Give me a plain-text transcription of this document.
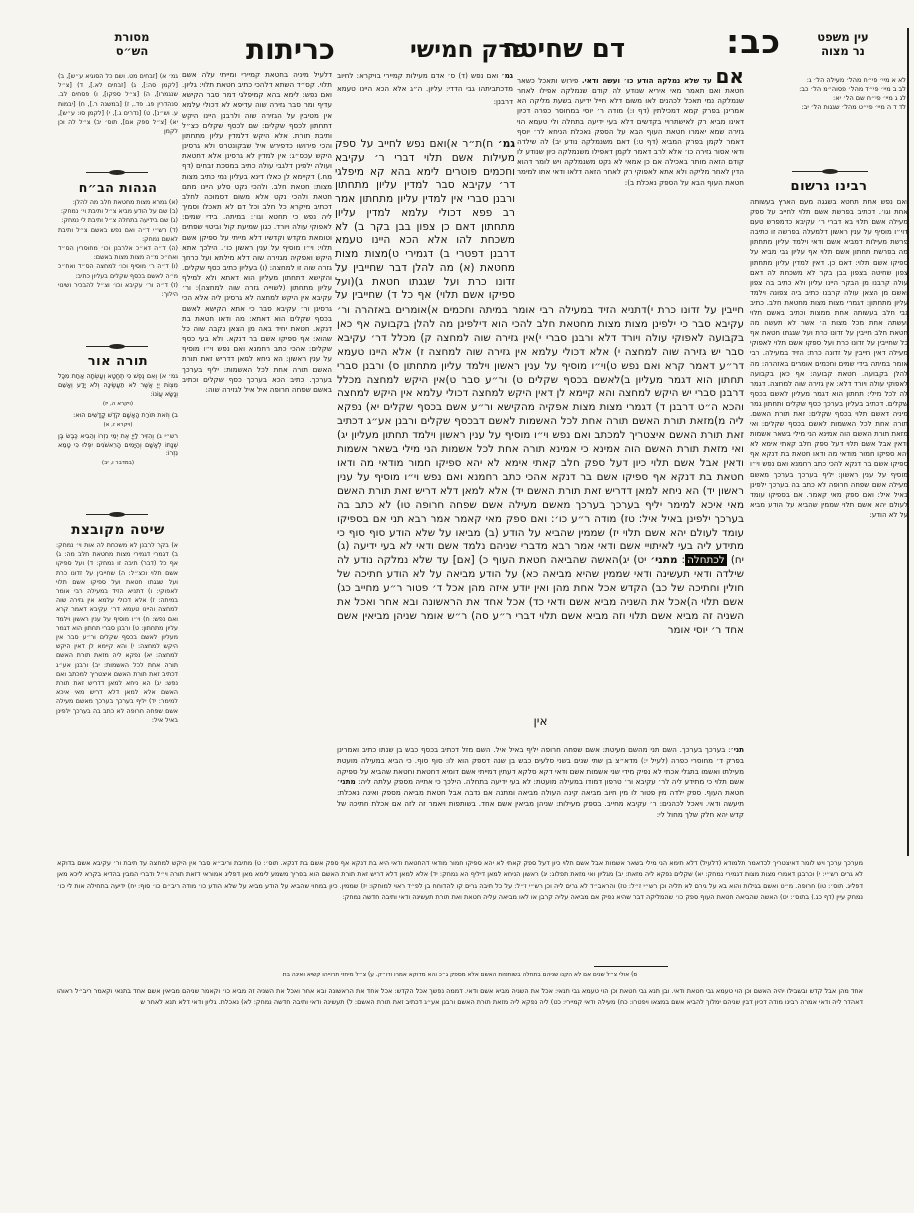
כב:
דם שחיטה
פרק חמישי
כריתות	עין משפט
נר מצוה
מסורת
הש״ס
לא א מיי׳ פי״ח מהל׳ מעילה הל׳ ג:
לב ב מיי׳ פי״ד מהל׳ פסוה״מ הל׳ כב:
לג ג מיי׳ פי״ח שם הל׳ יא:
לד ד ה מיי׳ פי״ט מהל׳ שגגות הל׳ יב:
רבינו גרשום
ואם נפש אחת תחטא בשגגה מעם הארץ בעשותה אחת וגו׳. דכתיב בפרשת אשם תלוי לחייב על ספק מעילה אשם תלוי בא דברי ר׳ עקיבא כדמפרש טעם דוי״ו מוסיף על ענין ראשון דלמעלה בפרשה זו כתיבה פרשת מעילות דמביא אשם ודאי וילמד עליון מתחתון מה בפרשת תחתון אשם תלוי אף עליון גבי מביא על ספיקו אשם תלוי: דאם כן. דאין למדין עליון מתחתון צפון שחיטה בצפון בבן בקר לא משכחת לה דאם עולה קרבנו מן הבקר היינו עליון ולא כתיב בה צפון ואשם מן הצאן עולה קרבנו כתיב ביה צפונה וילמד עליון מתחתון: דגמרי מצות מצות מחטאת חלב. כתיב גבי חלב בעשותה אחת ממצות וכתיב באשם תלוי ועשתה אחת מכל מצות ה׳ אשר לא תעשה מה חטאת חלב חייבין על זדונו כרת ועל שגגתו חטאת אף כל שחייבין על זדונו כרת ועל ספקו אשם תלוי לאפוקי מעילה דאין חייבין על זדונה כרת: הזיד במעילה. רבי אומר במיתה בידי שמים וחכמים אומרים באזהרה: מה להלן בקבועה. חטאת קבועה: אף כאן בקבועה לאפוקי עולה ויורד דלא: אין גזירה שוה למחצה. דגמר לה לכל מילי: תחתון הוא דגמר מעליון לאשם בכסף שקלים. דכתיב בעליון בערכך כסף שקלים ותחתון גמר מיניה דאשם תלוי בכסף שקלים: זאת תורת האשם. תורה אחת לכל האשמות לאשם בכסף שקלים: ואי מזאת תורת האשם הוה אמינא הני מילי בשאר אשמות ודאין אבל אשם תלוי דעל ספק חלב קאתי אימא לא יהא ספיקו חמור מודאי מה ודאו חטאת בת דנקא אף ספיקו אשם בר דנקא להכי כתב רחמנא ואם נפש וי״ו מוסיף על ענין ראשון: יליף בערכך בערכך מאשם מעילה אשם שפחה חרופה לא כתב בה בערכך ילפינן באיל איל: ואם ספק מאי קאמר. אם בספיקו עומד לעולם יהא אשם תלוי שממין שהביא על הודע מביא על לא הודע:
גמ׳ א) [זבחים מט. ושם כל הסוגיא ע״ש], ב) [לקמן סה:], ג) [זבחים לא.], ד) [צ״ל שנגמרו], ה) [צ״ל ספקו], ו) פסחים לב. סנהדרין פג. פד., ז) [במשנה ר.], ח) [יבמות ע. וש״נ], ט) [נדרים ג.], י) [לקמן סו: ע״ש], יא) [צ״ל ספק אם], תוס׳ יב) צ״ל לה וכן לקמן
הגהות הב״ח
(א) גמרא מצות מחטאת חלב מה להלן:
(ב) שם על הודע מביא צ״ל ותיבת וי׳ נמחק:
(ג) שם בידיעה בתחלה צ״ל ותיבת לי נמחק:
(ד) רש״י ד״ה ואם נפש באשם צ״ל ותיבת לאשם נמחק:
(ה) ד״ה דא״כ אלרבנן וכו׳ מחוסרין הס״ד ואח״כ מ״ה מצות מצות באשם:
(ו) ד״ה ר׳ מוסיף וכו׳ למחצה הס״ד ואח״כ מ״ה לאשם בכסף שקלים בעליון כתיב:
(ז) ד״ה ור׳ עקיבא וכו׳ וצ״ל להבכיר ושינוי הילוך:
תורה אור
גמ׳ א) וְאִם נֶפֶשׁ כִּי תֶחֱטָא וְעָשְׂתָה אַחַת מִכָּל מִצְוֹת יְיָ אֲשֶׁר לֹא תֵעָשֶׂינָה וְלֹא יָדַע וְאָשֵׁם וְנָשָׂא עֲוֹנוֹ:
(ויקרא ה, יז)
ב) וְזֹאת תּוֹרַת הָאָשָׁם קֹדֶשׁ קָדָשִׁים הוּא:
(ויקרא ז, א)
רש״י ג) וְהִזִּיר לַיְיָ אֶת יְמֵי נִזְרוֹ וְהֵבִיא כֶּבֶשׂ בֶּן שְׁנָתוֹ לְאָשָׁם וְהַיָּמִים הָרִאשֹׁנִים יִפְּלוּ כִּי טָמֵא נִזְרוֹ:
(במדבר ו, יב)
שיטה מקובצת
א) בקר לרבנן לא משכחת לה אות וי׳ נמחק: ב) דגמרי דגמירי מצות מחטאת חלב מה: ג) אף כל (דבר) תיבה זו נמחק: ד) ועל ספיקו אשם תלוי וכצ״ל: ה) שחייבין על זדונו כרת ועל שגגתו חטאת ועל ספיקו אשם תלוי לאפוקי: ו) דתניא הזיד במעילה רבי אומר במיתה: ז) אלא דכולי עלמא אין גזירה שוה למחצה והיינו טעמא דר׳ עקיבא דאמר קרא ואם נפש: ח) וי״ו מוסיף על ענין ראשון וילמד עליון מתחתון: ט) ורבנן סברי תחתון הוא דגמר מעליון לאשם בכסף שקלים ור״ע סבר אין היקש למחצה: י) והא קיימא לן דאין היקש למחצה: יא) נפקא ליה מזאת תורת האשם תורה אחת לכל האשמות: יב) ורבנן אע״ג דכתיב זאת תורת האשם איצטריך למכתב ואם נפש: יג) הא ניחא למאן דדריש זאת תורת האשם אלא למאן דלא דריש מאי איכא למימר: יד) יליף בערכך בערכך מאשם מעילה אשם שפחה חרופה לא כתב בה בערכך ילפינן באיל איל:
דלעיל מיניה בחטאת קמיירי ומייתי עלה אשם תלוי. קס״ד השתא דלהכי כתיב חטאת תלוי: גליון. ואם נפש: לימא בהא קמיפלגי דמר סבר הקישא עדיף ומר סבר גזירה שוה עדיפא לא דכולי עלמא אין מטיבין על הגזירה שוה ולרבנן היינו היקש דתחתון לכסף שקלים: שם לכסף שקלים כצ״ל ותיבת תורת. אלא היקש דלמדין עליון מתחתון והכי פירושו כדפירש איל שבקונטרס ולא גרסינן היקש עכס״ג: אין למדין לא גרסינן אלא דחטאת ועולה ילפינן דלגבי עולה כתיב במסכת זבחים (דף מח.) דקיימא לן כאלו דינא בעליון נמי כתיב מצות מצות: חטאת חלב. ולהכי נקט סלע היינו מתם חטאת ולהכי נקט אלא משום דסמוכה לחלב דכתיב מיקרא כל חלב וכל דם לא תאכלו וסמיך ליה נפש כי תחטא וגו׳: במיתה. בידי שמים: לאפוקי עולה ויורד. כגון שמיעת קול וביטוי שפתים וטומאת מקדש וקדשיו דלא מייתי על ספיקן אשם תלוי: וי״ו מוסיף על ענין ראשון כו׳. הילכך אתא היקש ואפקיה מגזירה שוה דלא מילתא ועל כרחך גזרה שוה זו למחצה: (ו) בעליון כתיב כסף שקלים. והקישא דתחתון מעליון הוא דאתא ולא למילף עליון מתחתון (לשוייה גזרה שוה למחצה): ור׳ עקיבא אין היקש למחצה לא גרסינן ליה אלא הכי גרסינן ור׳ עקיבא סבר כי אתא הקישא לאשם בכסף שקלים הוא דאתא: מה ודאו חטאת בת דנקא. חטאת יחיד באה מן הצאן נקבה שוה כל שהוא: אף ספיקו אשם בר דנקא. ולא בעי כסף שקלים: אהכי כתב רחמנא ואם נפש וי״ו מוסיף על ענין ראשון: הא ניחא למאן דדריש זאת תורת האשם תורה אחת לכל האשמות: יליף בערכך בערכך. כתיב הכא בערכך כסף שקלים וכתיב באשם שפחה חרופה איל איל לגזירה שוה:
גמ׳ ואם נפש (ד) ס׳ אדם מעילות קמיירי בויקרא: לחיוב מדכתביתהו גבי הדדי: עליון. ה״ג אלא הכא היינו טעמא דרבנן:
אם עד שלא נמלקה הודע כו׳ ועשה ודאי. פירוש ותאכל כשאר חטאת ואם תאמר מאי איריא שנודע לה קודם שנמלקה אפילו לאחר שנמלקה נמי תאכל לכהנים לאו משום דלא חייל ידיעה בשעת מליקה הא אמרינן בפרק קמא דמכילתין (דף ו:) מודה ר׳ יוסי במחוסר כפרה דכיון דאינו מביא רק לאישתרויי בקדשים דלא בעי ידיעה בתחלה ולי טעמא הוי גזירה שמא יאמרו חטאת העוף הבא על הספק נאכלת הניחא לר׳ יוסף דאמר לקמן בפרק המביא (דף ט:) דאם משנמלקה נודע יב) לה שילדה ודאי אסור גזירה כו׳ אלא לרב דאמר לקמן דאפילו משנמלקה כיון שנודע לו קודם הזאה מותר באכילה אם כן אמאי לא נקט משנמלקה ויש לומר דהוא הדין לאחר מליקה ולא אתא לאפוקי רק לאחר הזאה דלאו ודאי אתו למימר חטאת העוף הבא על הספק נאכלת ב):
גמ׳ ח)ת״ר א)ואם נפש לחייב על ספק מעילות אשם תלוי דברי ר׳ עקיבא וחכמים פוטרים לימא בהא קא מיפלגי דר׳ עקיבא סבר למדין עליון מתחתון ורבנן סברי אין למדין עליון מתחתון אמר רב פפא דכולי עלמא למדין עליון מתחתון דאם כן צפון בבן בקר ב) לא משכחת להו אלא הכא היינו טעמא דרבנן דפטרי ב) דגמירי ט)מצות מצות מחטאת (א) מה להלן דבר שחייבין על זדונו כרת ועל שגגתו חטאת ג)(ועל ספיקו אשם תלוי) אף כל ד) שחייבין על
חייבין על זדונו כרת י)דתניא הזיד במעילה רבי אומר במיתה וחכמים א)אומרים באזהרה ור׳ עקיבא סבר כי ילפינן מצות מצות מחטאת חלב להכי הוא דילפינן מה להלן בקבועה אף כאן בקבועה לאפוקי עולה ויורד דלא ורבנן סברי י)אין גזירה שוה למחצה ק) מכלל דר׳ עקיבא סבר יש גזירה שוה למחצה י) אלא דכולי עלמא אין גזירה שוה למחצה ז) אלא היינו טעמא דר״ע דאמר קרא ואם נפש ט)וי״ו מוסיף על ענין ראשון וילמד עליון מתחתון ס) ורבנן סברי תחתון הוא דגמר מעליון ב)לאשם בכסף שקלים ט) ור״ע סבר ט)אין היקש למחצה מכלל דרבנן סברי יש היקש למחצה והא קיימא לן דאין היקש למחצה דכולי עלמא אין היקש למחצה והכא ה״ט דרבנן ד) דגמרי מצות מצות אפקיה מהקישא ור״ע אשם בכסף שקלים יא) נפקא ליה מ)מזאת תורת האשם תורה אחת לכל האשמות לאשם דבכסף שקלים ורבנן אע״ג דכתיב זאת תורת האשם איצטריך למכתב ואם נפש וי״ו מוסיף על ענין ראשון וילמד תחתון מעליון יג) ואי מזאת תורת האשם הוה אמינא כי אמינא תורה אחת לכל אשמות הני מילי בשאר אשמות ודאין אבל אשם תלוי כיון דעל ספק חלב קאתי אימא לא יהא ספיקו חמור מודאי מה ודאו חטאת בת דנקא אף ספיקו אשם בר דנקא אהכי כתב רחמנא ואם נפש וי״ו מוסיף על ענין ראשון יד) הא ניחא למאן דדריש זאת תורת האשם יד) אלא למאן דלא דריש זאת תורת האשם מאי איכא למימר יליף בערכך בערכך מאשם מעילה אשם שפחה חרופה טו) לא כתב בה בערכך ילפינן באיל איל: טז) מודה ר״ע כו׳: ואם ספק מאי קאמר אמר רבא תני אם בספיקו עומד לעולם יהא אשם תלוי יז) שממין שהביא על הודע (ב) מביאו על שלא הודע סוף סוף כי מתידע ליה בעי לאיתויי אשם ודאי אמר רבא מדברי שניהם נלמד אשם ודאי לא בעי ידיעה (ג) יח) לכתחלה: מתני׳ יט) יג)האשה שהביאה חטאת העוף כ) [אם] עד שלא נמלקה נודע לה שילדה ודאי תעשינה ודאי שממין שהיא מביאה כא) על הודע מביאה על לא הודע חתיכה של חולין וחתיכה של כב) הקדש אכל אחת מהן ואין יודע איזה מהן אכל ד׳ פטור ר״ע מחייב כג) אשם תלוי ה)אכל את השניה מביא אשם ודאי כד) אכל אחד את הראשונה ובא אחר ואכל את השניה זה מביא אשם תלוי וזה מביא אשם תלוי דברי ר״ע סה) ר״ש אומר שניהן מביאין אשם אחד ר׳ יוסי אומר
אין
תני׳: בערכך בערכך. השם תני מהשם מעיטת: אשם שפחה חרופה יליף באיל איל. השם מזל דכתיב בכסף כבש בן שנתו כתיב ואמרינן בפרק ד׳ מחוסרי כפרה (לעיל י:) מדא״צ בן שתי שנים בשני סלעים כבש בן שנה דספק הוא לו: סוף סוף. כי הביא במעילה מועטת מעילתו ואשמו בתגלי אכתי לא נפיק מידי שני אשמות אשם ודאי דקא סלקא דעתין דמייתי אשם דומיא דחטאת וחטאת שהביא על ספיקה אשם תלוי כי מתידע ליה לר׳ עקיבא ור׳ טרפון דמודו במעילה מועטת: לא בעי ידיעה בתחלה. הילכך כי אתייה מספק עלתה ליה: מתני׳ חטאת העוף. ספק ילדה מין פטור לו מין חיוב מביאה קינה העולה מביאה ומתנה אם נדבה אבל חטאת מביאה מספק ואינה נאכלת: תיעשה ודאי. ויאכל לכהנים: ר׳ עקיבא מחייב. בספק מעילות: שניהן מביאין אשם אחד. בשותפות ויאמר זה לזה אם אכלת חתיכה של קדש יהא חלק שלך מחול לי:
מערכך ערכך ויש לומר דאיצטריך לכדאמר תלמודא (דלעיל) דלא תימא הני מילי בשאר אשמות אבל אשם תלוי כיון דעל ספק קאתי לא יהא ספיקו חמור מודאי דהחטאת ודאי היא בת דנקא אף ספק אשם בת דנקא. תוס׳: ט) מתיבת וריב״א סבר אין היקש למחצה עד תיבת ור׳ עקיבא אשם בדוקא לא גרים רש״י: י) וכרבנן דאמרי מצות מצות דגמירי נמחק: יא) שקלים נפקא ליה מזאת: יב) מגליון ואי מזאת תפלוג: יג) ראשון הניחא למאן דיליף הא נמחק: יד) אלא למאן דלא דריש זאת תורת האשם הוא בפריך משמע לימא מאן דפליג אמוראי דזאת תורה וי״ל ודברי המבין בהדיא בקרא ליכא מאן דפליג. תוס׳: טו) חרופה. מ״ט ואשם בגילות והוא בא על גירם לא תליה וכן רש״י ז״ל: טז) והראב״ד לא גרים ליה וכן רש״י ז״ל: על כל תיבה גרים קו להדוחח בן לפ״ד ראוי למוחקו: יז) שממין. כיון במחוי שהביא על הודע מביא על שלא הודע כו׳ מודה ריב״ם כו׳ סוף: יח) ידיעה בתחילה אות לי כו׳ נמחק עיין (דף כג.) בתוס׳: יט) האשה שהביאה חטאת העוף ספק כו׳ שהמליקה דבר שהיא נפיק אם מביאה עליה קרבן או לאו מביאה עליה חטאת ואת תורת תעשינה ודאי ותיבה חדשה נמחק:
ס) אולי צ״ל שנים אם לא הקנו שניהם בתחלה בשותפות האשם אלא מספק ג״כ והא מדוקא אמרו ודו״ק. ע) צ״ל מיחזי תרוייהו קשיא ואינה בת
אחד מהן אבל קדש ובשבילו יהיה האשם וכן הוי טעמא גבי חטאת ודאי. ובן תנא גבי חטאת וכן הוי טעמא גבי תנאי: אכל את השניה מביא אשם ודאי. דממה נפשך אכל הקדש: אכל אחד את הראשונה ובא אחר ואכל את השניה זה מביא כו׳ וקאמר שניהם מביאין אשם אחד בתנאי וקאמר ריב״ל ראוהו דאהדר ליה ודאי אמרה רבינו מודה דכיון דבין שניהם ימלוך להביא אשם במצאו ויפטרו: כח) מעילה ודאי קמיירי: כט) ליה נפקא ליה מזאת תורת האשם ורבנן אע״ג דכתיב זאת תורת האשם: ל) תעשינה ודאי ותיבה חדשה נמחק: לא) נאכלת. גליון ודאי דלא תנא לאחר ש
